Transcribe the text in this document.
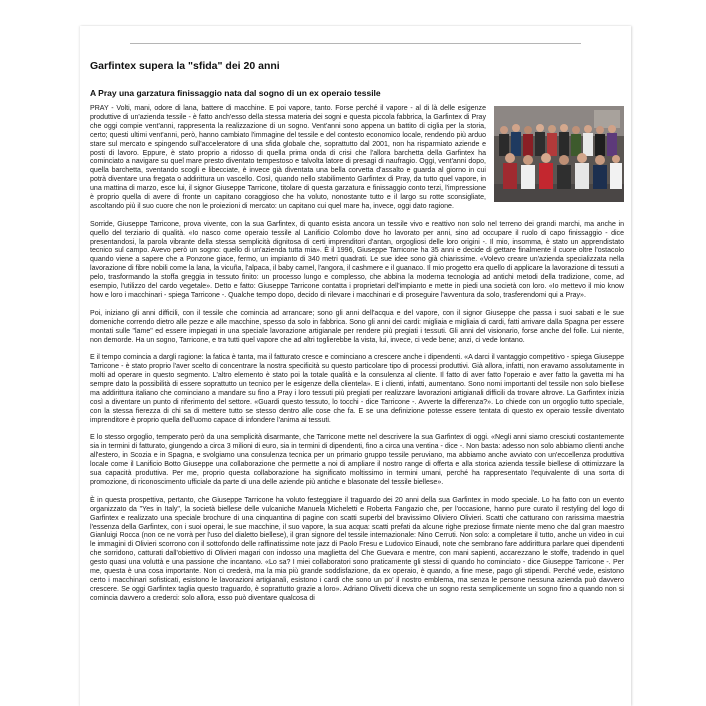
Garfintex supera la "sfida" dei 20 anni
A Pray una garzatura finissaggio nata dal sogno di un ex operaio tessile

PRAY - Volti, mani, odore di lana, battere di macchine. E poi vapore, tanto. Forse perché il vapore - al di là delle esigenze produttive di un'azienda tessile - è fatto anch'esso della stessa materia dei sogni e questa piccola fabbrica, la Garfintex di Pray che oggi compie vent'anni, rappresenta la realizzazione di un sogno. Vent'anni sono appena un battito di ciglia per la storia, certo; questi ultimi vent'anni, però, hanno cambiato l'immagine del tessile e del contesto economico locale, rendendo più arduo stare sul mercato e spingendo sull'acceleratore di una sfida globale che, soprattutto dal 2001, non ha risparmiato aziende e posti di lavoro. Eppure, è stato proprio a ridosso di quella prima onda di crisi che l'allora barchetta della Garfintex ha cominciato a navigare su quel mare presto diventato tempestoso e talvolta latore di presagi di naufragio. Oggi, vent'anni dopo, quella barchetta, sventando scogli e libecciate, è invece già diventata una bella corvetta d'assalto e guarda al giorno in cui potrà diventare una fregata o addirittura un vascello. Così, quando nello stabilimento Garfintex di Pray, da tutto quel vapore, in una mattina di marzo, esce lui, il signor Giuseppe Tarricone, titolare di questa garzatura e finissaggio conto terzi, l'impressione è proprio quella di avere di fronte un capitano coraggioso che ha voluto, nonostante tutto e il largo su rotte sconsigliate, ascoltando più il suo cuore che non le proiezioni di mercato: un capitano cui quel mare ha, invece, oggi dato ragione.

Sorride, Giuseppe Tarricone, prova vivente, con la sua Garfintex, di quanto esista ancora un tessile vivo e reattivo non solo nel terreno dei grandi marchi, ma anche in quello del terziario di qualità. «Io nasco come operaio tessile al Lanificio Colombo dove ho lavorato per anni, sino ad occupare il ruolo di capo finissaggio - dice presentandosi, la parola vibrante della stessa semplicità dignitosa di certi imprenditori d'antan, orgogliosi delle loro origini -. Il mio, insomma, è stato un apprendistato tecnico sul campo. Avevo però un sogno: quello di un'azienda tutta mia». È il 1996, Giuseppe Tarricone ha 35 anni e decide di gettare finalmente il cuore oltre l'ostacolo quando viene a sapere che a Ponzone giace, fermo, un impianto di 340 metri quadrati. Le sue idee sono già chiarissime. «Volevo creare un'azienda specializzata nella lavorazione di fibre nobili come la lana, la vicuña, l'alpaca, il baby camel, l'angora, il cashmere e il guanaco. Il mio progetto era quello di applicare la lavorazione di tessuti a pelo, trasformando la stoffa greggia in tessuto finito: un processo lungo e complesso, che abbina la moderna tecnologia ad antichi metodi della tradizione, come, ad esempio, l'utilizzo del cardo vegetale». Detto e fatto: Giuseppe Tarricone contatta i proprietari dell'impianto e mette in piedi una società con loro. «Io mettevo il mio know how e loro i macchinari - spiega Tarricone -. Qualche tempo dopo, decido di rilevare i macchinari e di proseguire l'avventura da solo, trasferendomi qui a Pray».

Poi, iniziano gli anni difficili, con il tessile che comincia ad arrancare; sono gli anni dell'acqua e del vapore, con il signor Giuseppe che passa i suoi sabati e le sue domeniche correndo dietro alle pezze e alle macchine, spesso da solo in fabbrica. Sono gli anni dei cardi: migliaia e migliaia di cardi, fatti arrivare dalla Spagna per essere montati sulle "lame" ed essere impiegati in una speciale lavorazione artigianale per rendere più pregiati i tessuti. Gli anni del visionario, forse anche del folle. Lui niente, non demorde. Ha un sogno, Tarricone, e tra tutti quel vapore che ad altri toglierebbe la vista, lui, invece, ci vede bene; anzi, ci vede lontano.

E il tempo comincia a dargli ragione: la fatica è tanta, ma il fatturato cresce e cominciano a crescere anche i dipendenti. «A darci il vantaggio competitivo - spiega Giuseppe Tarricone - è stato proprio l'aver scelto di concentrare la nostra specificità su questo particolare tipo di processi produttivi. Già allora, infatti, non eravamo assolutamente in molti ad operare in questo segmento. L'altro elemento è stato poi la totale qualità e la consulenza al cliente. Il fatto di aver fatto l'operaio e aver fatto la gavetta mi ha sempre dato la possibilità di essere soprattutto un tecnico per le esigenze della clientela». E i clienti, infatti, aumentano. Sono nomi importanti del tessile non solo biellese ma addirittura italiano che cominciano a mandare su fino a Pray i loro tessuti più pregiati per realizzare lavorazioni artigianali difficili da trovare altrove. La Garfintex inizia così a diventare un punto di riferimento del settore. «Guardi questo tessuto, lo tocchi - dice Tarricone -. Avverte la differenza?». Lo chiede con un orgoglio tutto speciale, con la stessa fierezza di chi sa di mettere tutto se stesso dentro alle cose che fa. E se una definizione potesse essere tentata di questo ex operaio tessile diventato imprenditore è proprio quella dell'uomo capace di infondere l'anima ai tessuti.

E lo stesso orgoglio, temperato però da una semplicità disarmante, che Tarricone mette nel descrivere la sua Garfintex di oggi. «Negli anni siamo cresciuti costantemente sia in termini di fatturato, giungendo a circa 3 milioni di euro, sia in termini di dipendenti, fino a circa una ventina - dice -. Non basta: adesso non solo abbiamo clienti anche all'estero, in Scozia e in Spagna, e svolgiamo una consulenza tecnica per un primario gruppo tessile peruviano, ma abbiamo anche avviato con un'eccellenza produttiva locale come il Lanificio Botto Giuseppe una collaborazione che permette a noi di ampliare il nostro range di offerta e alla storica azienda tessile biellese di ottimizzare la sua capacità produttiva. Per me, proprio questa collaborazione ha significato moltissimo in termini umani, perché ha rappresentato l'equivalente di una sorta di promozione, di riconoscimento ufficiale da parte di una delle aziende più antiche e blasonate del tessile biellese».

È in questa prospettiva, pertanto, che Giuseppe Tarricone ha voluto festeggiare il traguardo dei 20 anni della sua Garfintex in modo speciale. Lo ha fatto con un evento organizzato da "Yes in Italy", la società biellese delle vulcaniche Manuela Micheletti e Roberta Fangazio che, per l'occasione, hanno pure curato il restyling del logo di Garfintex e realizzato una speciale brochure di una cinquantina di pagine con scatti superbi del bravissimo Oliviero Olivieri. Scatti che catturano con rarissima maestria l'essenza della Garfintex, con i suoi operai, le sue macchine, il suo vapore, la sua acqua: scatti prefati da alcune righe preziose firmate niente meno che dal gran maestro Gianluigi Rocca (non ce ne vorrà per l'uso del dialetto biellese), il gran signore del tessile internazionale: Nino Cerruti. Non solo: a completare il tutto, anche un video in cui le immagini di Olivieri scorrono con il sottofondo delle raffinatissime note jazz di Paolo Fresu e Ludovico Einaudi, note che sembrano fare addirittura parlare quei dipendenti che sorridono, catturati dall'obiettivo di Olivieri magari con indosso una maglietta del Che Guevara e mentre, con mani sapienti, accarezzano le stoffe, tradendo in quel gesto quasi una voluttà e una passione che incantano. «Lo sa? I miei collaboratori sono praticamente gli stessi di quando ho cominciato - dice Giuseppe Tarricone -. Per me, questa è una cosa importante. Non ci crederà, ma la mia più grande soddisfazione, da ex operaio, è quando, a fine mese, pago gli stipendi. Perché vede, esistono certo i macchinari sofisticati, esistono le lavorazioni artigianali, esistono i cardi che sono un po' il nostro emblema, ma senza le persone nessuna azienda può davvero crescere. Se oggi Garfintex taglia questo traguardo, è soprattutto grazie a loro». Adriano Olivetti diceva che un sogno resta semplicemente un sogno fino a quando non si comincia davvero a crederci: solo allora, esso può diventare qualcosa di
